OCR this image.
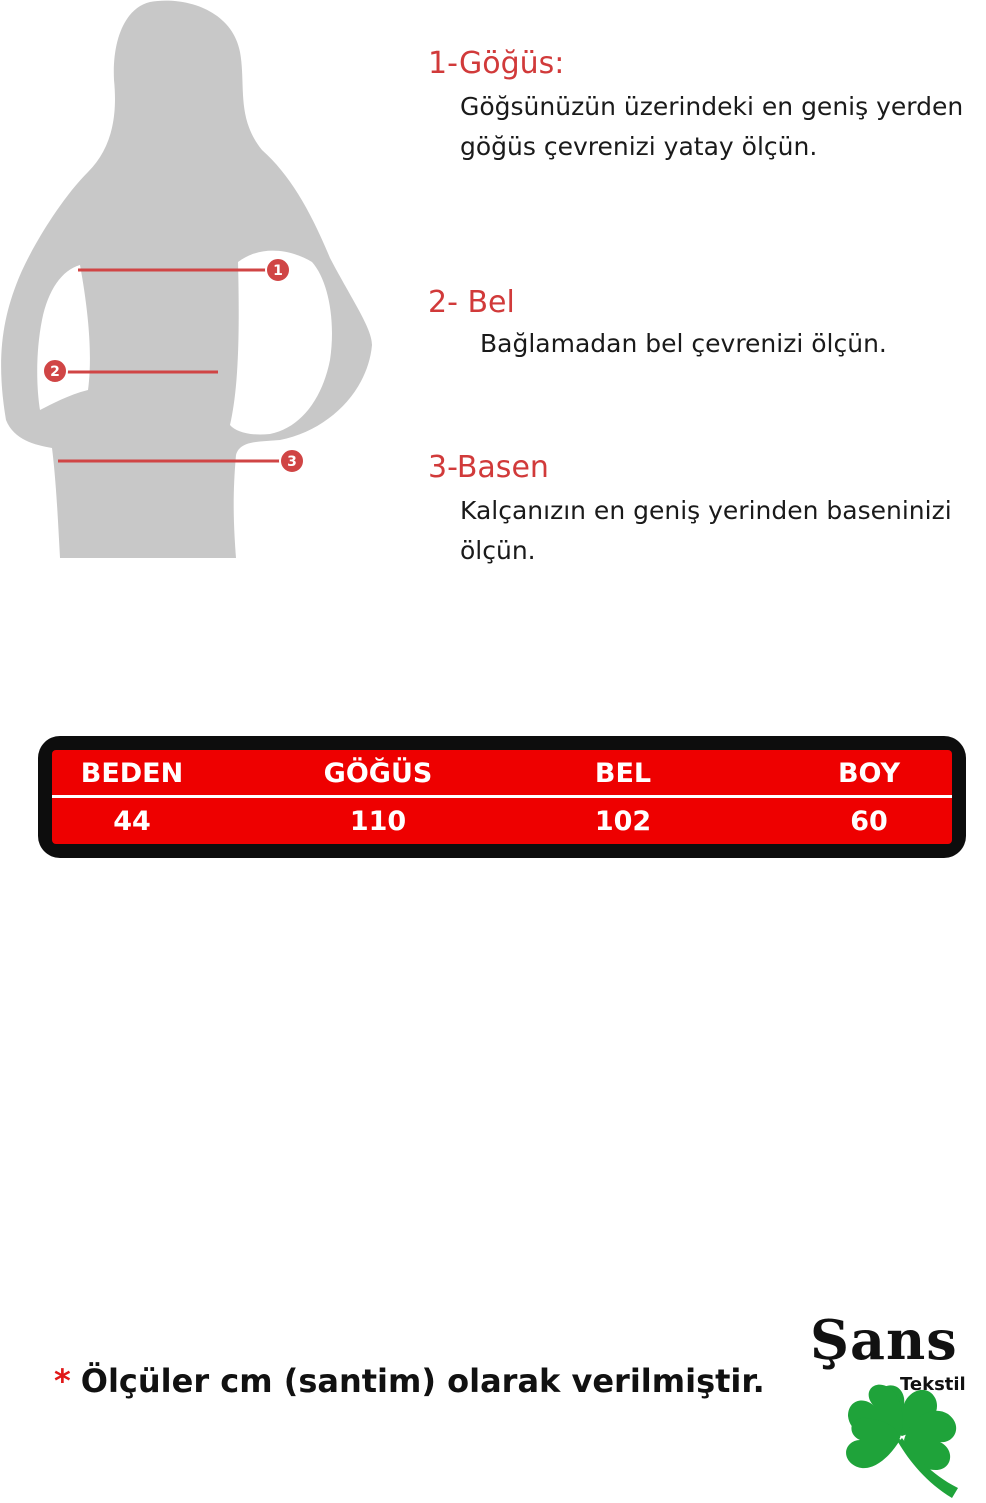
1
2
3
1-Göğüs:
Göğsünüzün üzerindeki en geniş yerden göğüs çevrenizi yatay ölçün.
2- Bel
Bağlamadan bel çevrenizi ölçün.
3-Basen
Kalçanızın en geniş yerinden baseninizi ölçün.
BEDEN	GÖĞÜS	BEL	BOY
44	110	102	60
* Ölçüler cm (santim) olarak verilmiştir.
Şans
Tekstil
